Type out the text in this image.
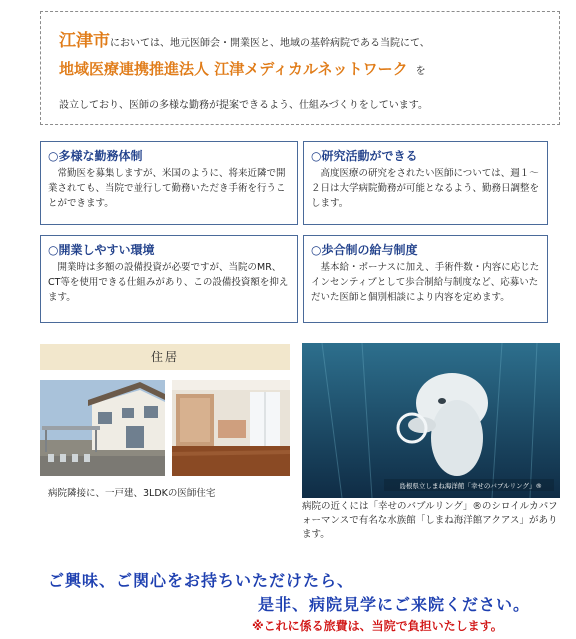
江津市においては、地元医師会・開業医と、地域の基幹病院である当院にて、
地域医療連携推進法人 江津メディカルネットワーク を
設立しており、医師の多様な勤務が提案できるよう、仕組みづくりをしています。
○多様な勤務体制
常勤医を募集しますが、米国のように、将来近隣で開業されても、当院で並行して勤務いただき手術を行うことができます。
○研究活動ができる
高度医療の研究をされたい医師については、週１～２日は大学病院勤務が可能となるよう、勤務日調整をします。
○開業しやすい環境
開業時は多額の設備投資が必要ですが、当院のMR、CT等を使用できる仕組みがあり、この設備投資額を抑えます。
○歩合制の給与制度
基本給・ボーナスに加え、手術件数・内容に応じたインセンティブとして歩合制給与制度など、応募いただいた医師と個別相談により内容を定めます。
住居
病院隣接に、一戸建、3LDKの医師住宅
島根県立しまね海洋館「幸せのバブルリング」®
病院の近くには「幸せのバブルリング」®のシロイルカパフォーマンスで有名な水族館「しまね海洋館アクアス」があります。
ご興味、ご関心をお持ちいただけたら、
是非、病院見学にご来院ください。
※これに係る旅費は、当院で負担いたします。
